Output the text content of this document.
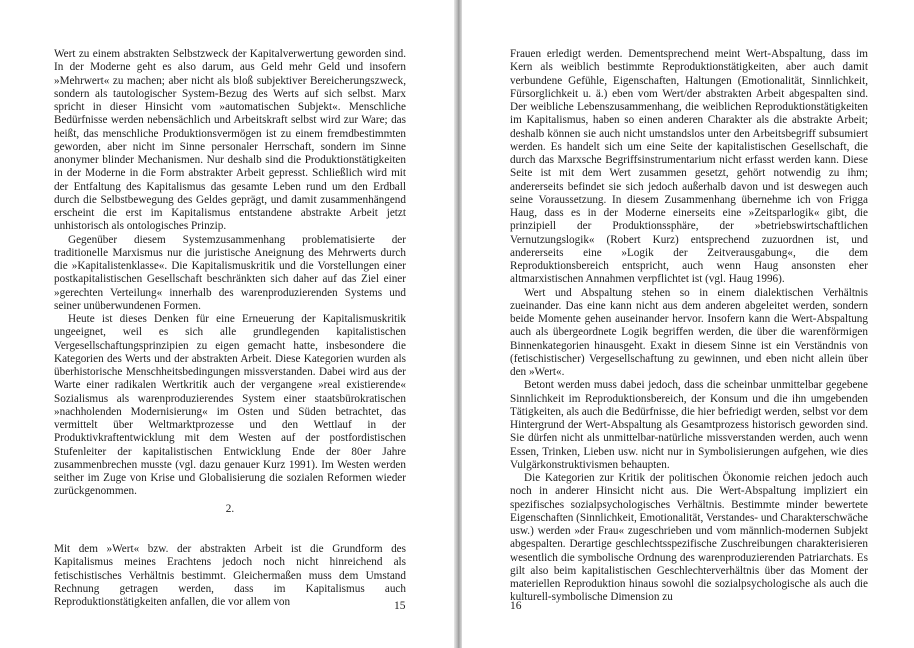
Wert zu einem abstrakten Selbstzweck der Kapitalverwertung geworden sind. In der Moderne geht es also darum, aus Geld mehr Geld und insofern »Mehrwert« zu machen; aber nicht als bloß subjektiver Bereicherungszweck, sondern als tautologischer System-Bezug des Werts auf sich selbst. Marx spricht in dieser Hinsicht vom »automatischen Subjekt«. Menschliche Bedürfnisse werden nebensächlich und Arbeitskraft selbst wird zur Ware; das heißt, das menschliche Produktionsvermögen ist zu einem fremdbestimmten geworden, aber nicht im Sinne personaler Herrschaft, sondern im Sinne anonymer blinder Mechanismen. Nur deshalb sind die Produktionstätigkeiten in der Moderne in die Form abstrakter Arbeit gepresst. Schließlich wird mit der Entfaltung des Kapitalismus das gesamte Leben rund um den Erdball durch die Selbstbewegung des Geldes geprägt, und damit zusammenhängend erscheint die erst im Kapitalismus entstandene abstrakte Arbeit jetzt unhistorisch als ontologisches Prinzip.

Gegenüber diesem Systemzusammenhang problematisierte der traditionelle Marxismus nur die juristische Aneignung des Mehrwerts durch die »Kapitalistenklasse«. Die Kapitalismuskritik und die Vorstellungen einer postkapitalistischen Gesellschaft beschränkten sich daher auf das Ziel einer »gerechten Verteilung« innerhalb des warenproduzierenden Systems und seiner unüberwundenen Formen.

Heute ist dieses Denken für eine Erneuerung der Kapitalismuskritik ungeeignet, weil es sich alle grundlegenden kapitalistischen Vergesellschaftungsprinzipien zu eigen gemacht hatte, insbesondere die Kategorien des Werts und der abstrakten Arbeit. Diese Kategorien wurden als überhistorische Menschheitsbedingungen missverstanden. Dabei wird aus der Warte einer radikalen Wertkritik auch der vergangene »real existierende« Sozialismus als warenproduzierendes System einer staatsbürokratischen »nachholenden Modernisierung« im Osten und Süden betrachtet, das vermittelt über Weltmarktprozesse und den Wettlauf in der Produktivkraftentwicklung mit dem Westen auf der postfordistischen Stufenleiter der kapitalistischen Entwicklung Ende der 80er Jahre zusammenbrechen musste (vgl. dazu genauer Kurz 1991). Im Westen werden seither im Zuge von Krise und Globalisierung die sozialen Reformen wieder zurückgenommen.

2.

Mit dem »Wert« bzw. der abstrakten Arbeit ist die Grundform des Kapitalismus meines Erachtens jedoch noch nicht hinreichend als fetischistisches Verhältnis bestimmt. Gleichermaßen muss dem Umstand Rechnung getragen werden, dass im Kapitalismus auch Reproduktionstätigkeiten anfallen, die vor allem von	15

Frauen erledigt werden. Dementsprechend meint Wert-Abspaltung, dass im Kern als weiblich bestimmte Reproduktionstätigkeiten, aber auch damit verbundene Gefühle, Eigenschaften, Haltungen (Emotionalität, Sinnlichkeit, Fürsorglichkeit u. ä.) eben vom Wert/der abstrakten Arbeit abgespalten sind. Der weibliche Lebenszusammenhang, die weiblichen Reproduktionstätigkeiten im Kapitalismus, haben so einen anderen Charakter als die abstrakte Arbeit; deshalb können sie auch nicht umstandslos unter den Arbeitsbegriff subsumiert werden. Es handelt sich um eine Seite der kapitalistischen Gesellschaft, die durch das Marxsche Begriffsinstrumentarium nicht erfasst werden kann. Diese Seite ist mit dem Wert zusammen gesetzt, gehört notwendig zu ihm; andererseits befindet sie sich jedoch außerhalb davon und ist deswegen auch seine Voraussetzung. In diesem Zusammenhang übernehme ich von Frigga Haug, dass es in der Moderne einerseits eine »Zeitsparlogik« gibt, die prinzipiell der Produktionssphäre, der »betriebswirtschaftlichen Vernutzungslogik« (Robert Kurz) entsprechend zuzuordnen ist, und andererseits eine »Logik der Zeitverausgabung«, die dem Reproduktionsbereich entspricht, auch wenn Haug ansonsten eher altmarxistischen Annahmen verpflichtet ist (vgl. Haug 1996).

Wert und Abspaltung stehen so in einem dialektischen Verhältnis zueinander. Das eine kann nicht aus dem anderen abgeleitet werden, sondern beide Momente gehen auseinander hervor. Insofern kann die Wert-Abspaltung auch als übergeordnete Logik begriffen werden, die über die warenförmigen Binnenkategorien hinausgeht. Exakt in diesem Sinne ist ein Verständnis von (fetischistischer) Vergesellschaftung zu gewinnen, und eben nicht allein über den »Wert«.

Betont werden muss dabei jedoch, dass die scheinbar unmittelbar gegebene Sinnlichkeit im Reproduktionsbereich, der Konsum und die ihn umgebenden Tätigkeiten, als auch die Bedürfnisse, die hier befriedigt werden, selbst vor dem Hintergrund der Wert-Abspaltung als Gesamtprozess historisch geworden sind. Sie dürfen nicht als unmittelbar-natürliche missverstanden werden, auch wenn Essen, Trinken, Lieben usw. nicht nur in Symbolisierungen aufgehen, wie dies Vulgärkonstruktivismen behaupten.

Die Kategorien zur Kritik der politischen Ökonomie reichen jedoch auch noch in anderer Hinsicht nicht aus. Die Wert-Abspaltung impliziert ein spezifisches sozialpsychologisches Verhältnis. Bestimmte minder bewertete Eigenschaften (Sinnlichkeit, Emotionalität, Verstandes- und Charakterschwäche usw.) werden »der Frau« zugeschrieben und vom männlich-modernen Subjekt abgespalten. Derartige geschlechtsspezifische Zuschreibungen charakterisieren wesentlich die symbolische Ordnung des warenproduzierenden Patriarchats. Es gilt also beim kapitalistischen Geschlechterverhältnis über das Moment der materiellen Reproduktion hinaus sowohl die sozialpsychologische als auch die kulturell-symbolische Dimension zu

16
